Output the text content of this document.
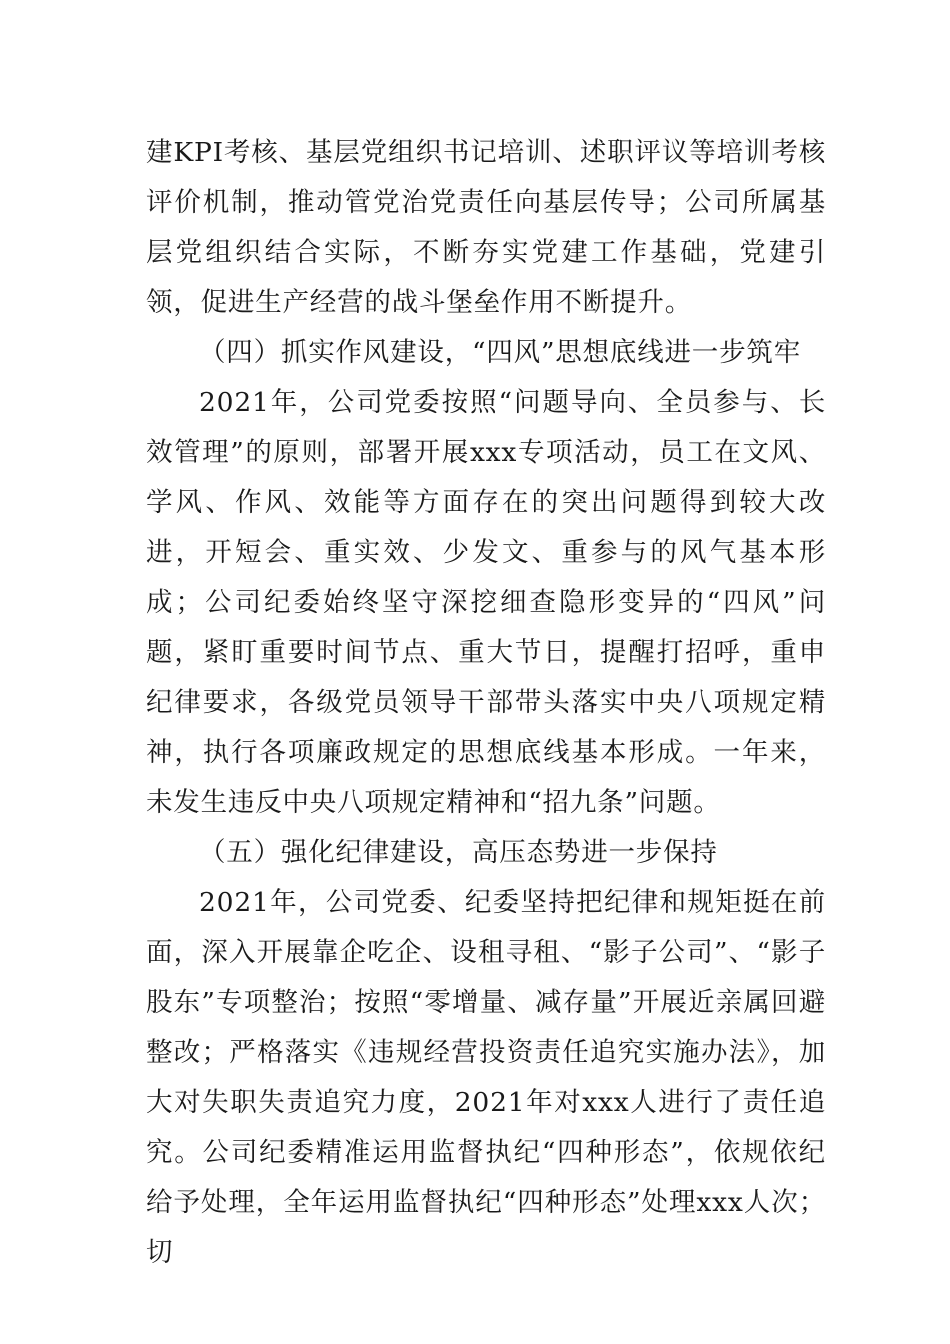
建KPI考核、基层党组织书记培训、述职评议等培训考核评价机制，推动管党治党责任向基层传导；公司所属基层党组织结合实际，不断夯实党建工作基础，党建引领，促进生产经营的战斗堡垒作用不断提升。

（四）抓实作风建设，“四风”思想底线进一步筑牢

2021年，公司党委按照“问题导向、全员参与、长效管理”的原则，部署开展xxx专项活动，员工在文风、学风、作风、效能等方面存在的突出问题得到较大改进，开短会、重实效、少发文、重参与的风气基本形成；公司纪委始终坚守深挖细查隐形变异的“四风”问题，紧盯重要时间节点、重大节日，提醒打招呼，重申纪律要求，各级党员领导干部带头落实中央八项规定精神，执行各项廉政规定的思想底线基本形成。一年来，未发生违反中央八项规定精神和“招九条”问题。

（五）强化纪律建设，高压态势进一步保持

2021年，公司党委、纪委坚持把纪律和规矩挺在前面，深入开展靠企吃企、设租寻租、“影子公司”、“影子股东”专项整治；按照“零增量、减存量”开展近亲属回避整改；严格落实《违规经营投资责任追究实施办法》，加大对失职失责追究力度，2021年对xxx人进行了责任追究。公司纪委精准运用监督执纪“四种形态”，依规依纪给予处理，全年运用监督执纪“四种形态”处理xxx人次；切
